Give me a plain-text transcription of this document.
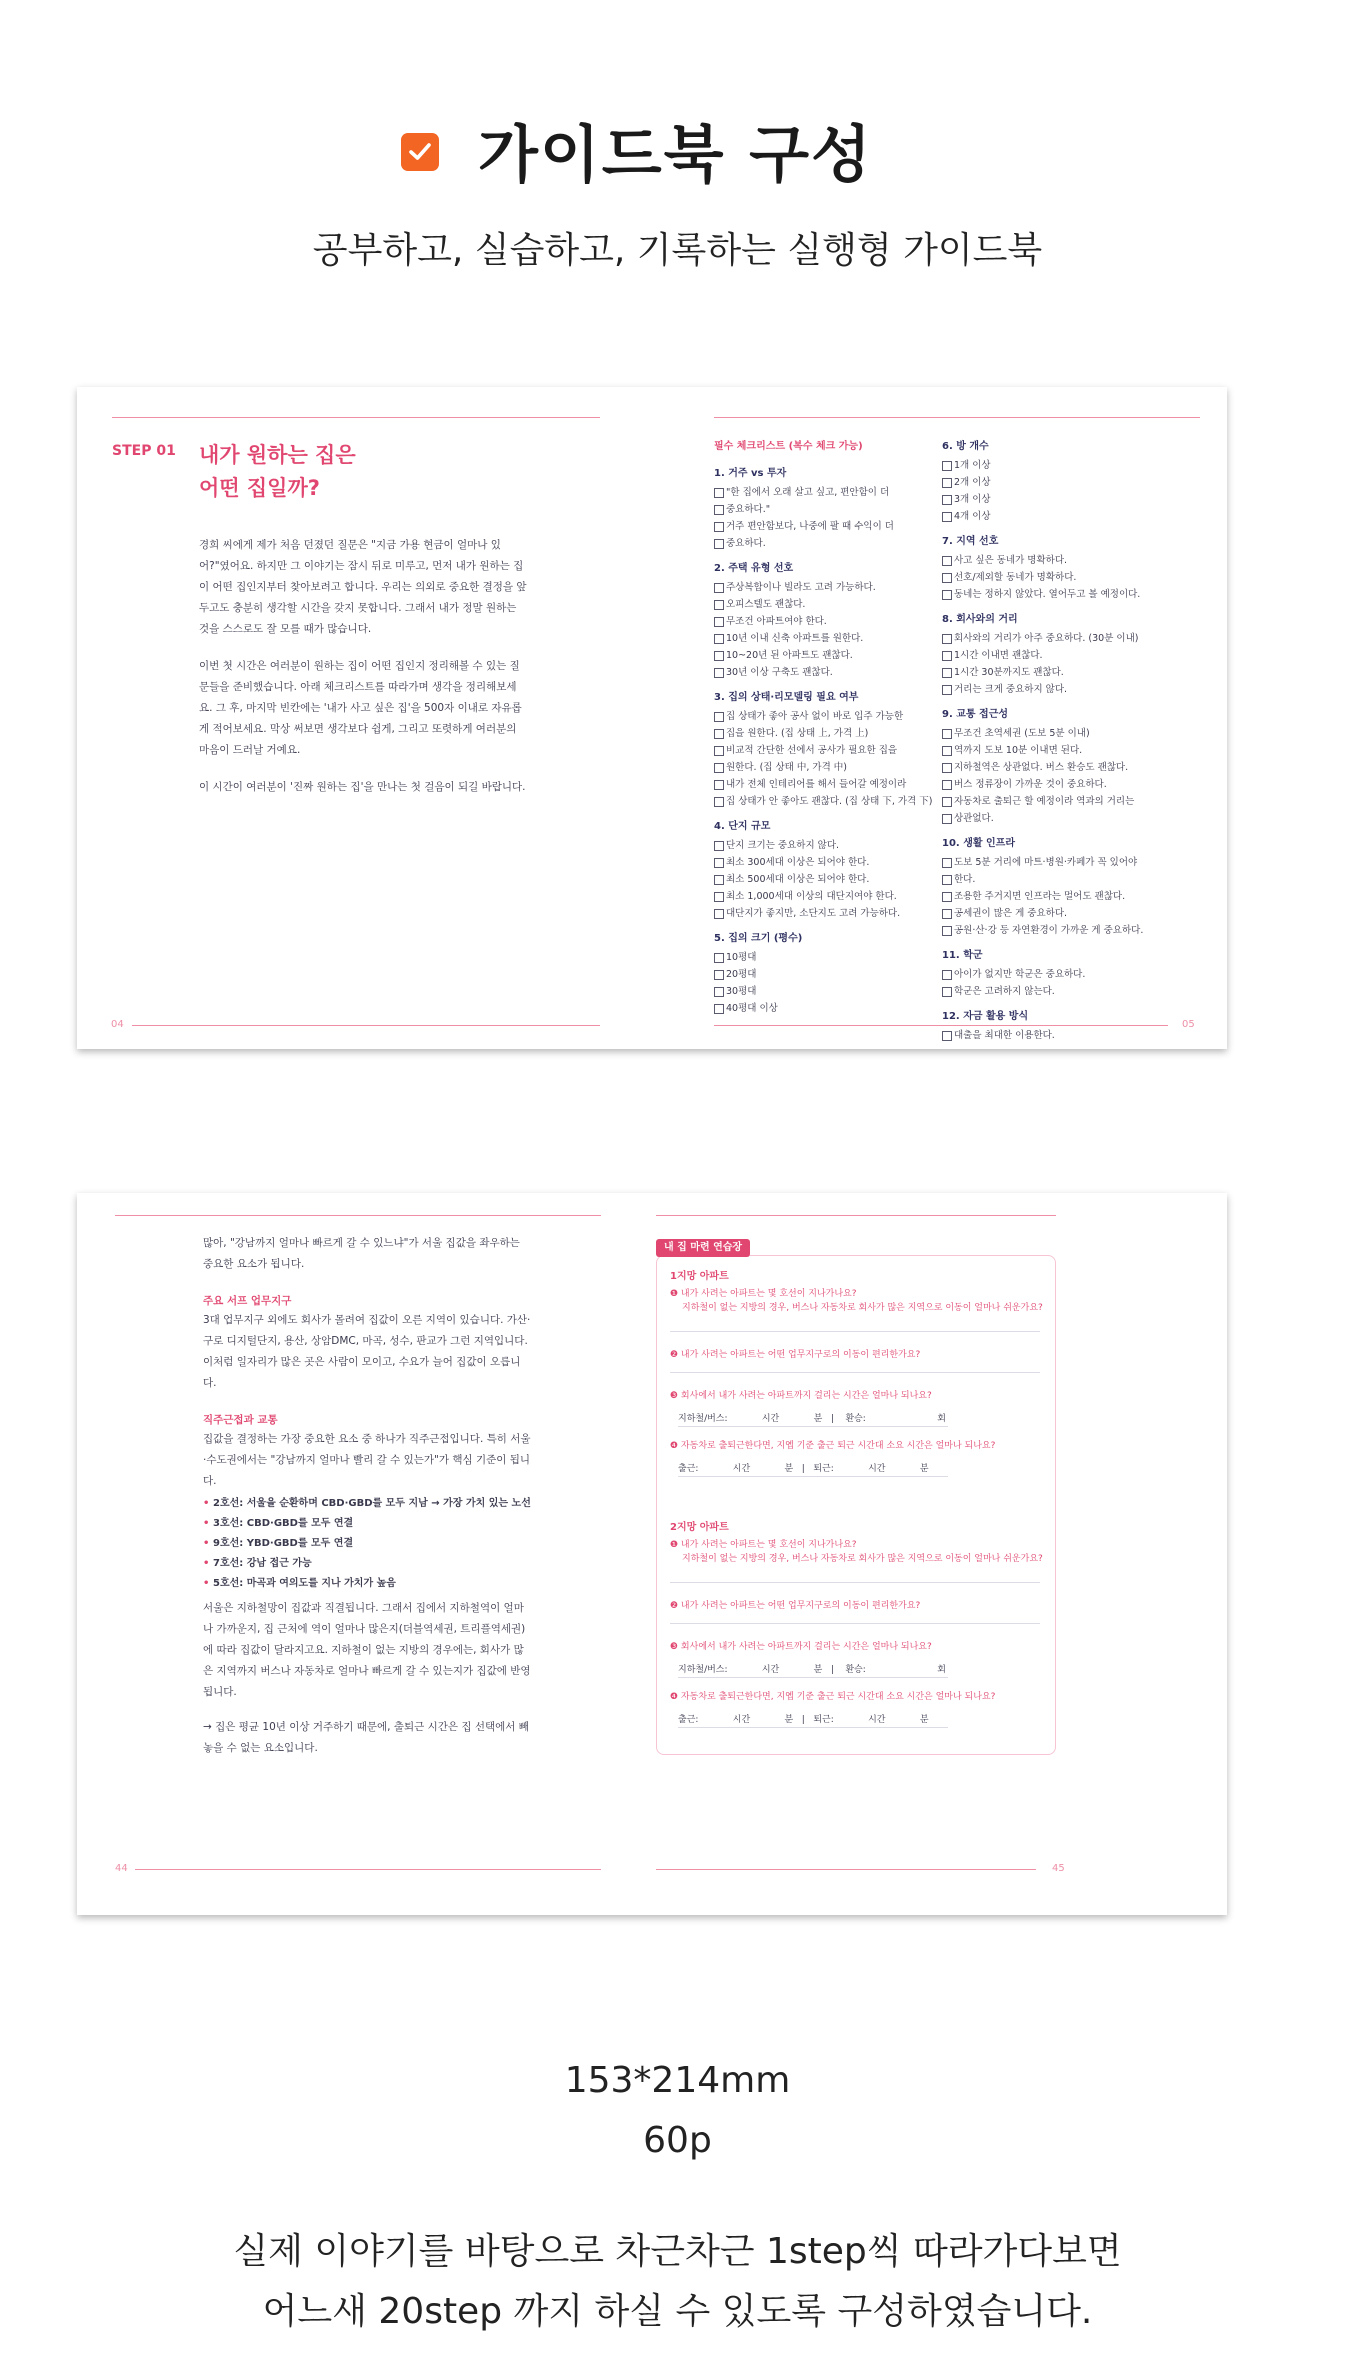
가이드북 구성
공부하고, 실습하고, 기록하는 실행형 가이드북
STEP 01 내가 원하는 집은
어떤 집일까?

경희 씨에게 제가 처음 던졌던 질문은 "지금 가용 현금이 얼마나 있어?"였어요. 하지만 그 이야기는 잠시 뒤로 미루고, 먼저 내가 원하는 집이 어떤 집인지부터 찾아보려고 합니다. 우리는 의외로 중요한 결정을 앞두고도 충분히 생각할 시간을 갖지 못합니다. 그래서 내가 정말 원하는 것을 스스로도 잘 모를 때가 많습니다.

이번 첫 시간은 여러분이 원하는 집이 어떤 집인지 정리해볼 수 있는 질문들을 준비했습니다. 아래 체크리스트를 따라가며 생각을 정리해보세요. 그 후, 마지막 빈칸에는 '내가 사고 싶은 집'을 500자 이내로 자유롭게 적어보세요. 막상 써보면 생각보다 쉽게, 그리고 또렷하게 여러분의 마음이 드러날 거예요.

이 시간이 여러분이 '진짜 원하는 집'을 만나는 첫 걸음이 되길 바랍니다.

04
필수 체크리스트 (복수 체크 가능)
1. 거주 vs 투자
"한 집에서 오래 살고 싶고, 편안함이 더
중요하다."
거주 편안함보다, 나중에 팔 때 수익이 더
중요하다.
2. 주택 유형 선호
주상복합이나 빌라도 고려 가능하다.
오피스텔도 괜찮다.
무조건 아파트여야 한다.
10년 이내 신축 아파트를 원한다.
10~20년 된 아파트도 괜찮다.
30년 이상 구축도 괜찮다.
3. 집의 상태·리모델링 필요 여부
집 상태가 좋아 공사 없이 바로 입주 가능한
집을 원한다. (집 상태 上, 가격 上)
비교적 간단한 선에서 공사가 필요한 집을
원한다. (집 상태 中, 가격 中)
내가 전체 인테리어를 해서 들어갈 예정이라
집 상태가 안 좋아도 괜찮다. (집 상태 下, 가격 下)
4. 단지 규모
단지 크기는 중요하지 않다.
최소 300세대 이상은 되어야 한다.
최소 500세대 이상은 되어야 한다.
최소 1,000세대 이상의 대단지여야 한다.
대단지가 좋지만, 소단지도 고려 가능하다.
5. 집의 크기 (평수)
10평대
20평대
30평대
40평대 이상
6. 방 개수
1개 이상
2개 이상
3개 이상
4개 이상
7. 지역 선호
사고 싶은 동네가 명확하다.
선호/제외할 동네가 명확하다.
동네는 정하지 않았다. 열어두고 볼 예정이다.
8. 회사와의 거리
회사와의 거리가 아주 중요하다. (30분 이내)
1시간 이내면 괜찮다.
1시간 30분까지도 괜찮다.
거리는 크게 중요하지 않다.
9. 교통 접근성
무조건 초역세권 (도보 5분 이내)
역까지 도보 10분 이내면 된다.
지하철역은 상관없다. 버스 환승도 괜찮다.
버스 정류장이 가까운 것이 중요하다.
자동차로 출퇴근 할 예정이라 역과의 거리는
상관없다.
10. 생활 인프라
도보 5분 거리에 마트·병원·카페가 꼭 있어야
한다.
조용한 주거지면 인프라는 멀어도 괜찮다.
공세권이 많은 게 중요하다.
공원·산·강 등 자연환경이 가까운 게 중요하다.
11. 학군
아이가 없지만 학군은 중요하다.
학군은 고려하지 않는다.
12. 자금 활용 방식
대출을 최대한 이용한다.
05
많아, "강남까지 얼마나 빠르게 갈 수 있느냐"가 서울 집값을 좌우하는 중요한 요소가 됩니다.
주요 서프 업무지구
3대 업무지구 외에도 회사가 몰려여 집값이 오른 지역이 있습니다. 가산·구로 디지털단지, 용산, 상암DMC, 마곡, 성수, 판교가 그런 지역입니다. 이처럼 일자리가 많은 곳은 사람이 모이고, 수요가 늘어 집값이 오릅니다.
직주근접과 교통
집값을 결정하는 가장 중요한 요소 중 하나가 직주근접입니다. 특히 서울·수도권에서는 "강남까지 얼마나 빨리 갈 수 있는가"가 핵심 기준이 됩니다.
• 2호선: 서울을 순환하며 CBD·GBD를 모두 지남 → 가장 가치 있는 노선
• 3호선: CBD·GBD를 모두 연결
• 9호선: YBD·GBD를 모두 연결
• 7호선: 강남 접근 가능
• 5호선: 마곡과 여의도를 지나 가치가 높음
서울은 지하철망이 집값과 직결됩니다. 그래서 집에서 지하철역이 얼마나 가까운지, 집 근처에 역이 얼마나 많은지(더블역세권, 트리플역세권)에 따라 집값이 달라지고요. 지하철이 없는 지방의 경우에는, 회사가 많은 지역까지 버스나 자동차로 얼마나 빠르게 갈 수 있는지가 집값에 반영됩니다.
→ 집은 평균 10년 이상 거주하기 때문에, 출퇴근 시간은 집 선택에서 빼놓을 수 없는 요소입니다.
44
내 집 마련 연습장
1지망 아파트
❶ 내가 사려는 아파트는 몇 호선이 지나가나요?
지하철이 없는 지방의 경우, 버스나 자동차로 회사가 많은 지역으로 이동이 얼마나 쉬운가요?
❷ 내가 사려는 아파트는 어떤 업무지구로의 이동이 편리한가요?
❸ 회사에서 내가 사려는 아파트까지 걸리는 시간은 얼마나 되나요?
지하철/버스:            시간            분   |    환승:                         회
❹ 자동차로 출퇴근한다면, 지옙 기준 출근 퇴근 시간대 소요 시간은 얼마나 되나요?
출근:            시간            분   |   퇴근:            시간            분
2지망 아파트
❶ 내가 사려는 아파트는 몇 호선이 지나가나요?
지하철이 없는 지방의 경우, 버스나 자동차로 회사가 많은 지역으로 이동이 얼마나 쉬운가요?
❷ 내가 사려는 아파트는 어떤 업무지구로의 이동이 편리한가요?
❸ 회사에서 내가 사려는 아파트까지 걸리는 시간은 얼마나 되나요?
지하철/버스:            시간            분   |    환승:                         회
❹ 자동차로 출퇴근한다면, 지옙 기준 출근 퇴근 시간대 소요 시간은 얼마나 되나요?
출근:            시간            분   |   퇴근:            시간            분
45
153*214mm
60p
실제 이야기를 바탕으로 차근차근 1step씩 따라가다보면
어느새 20step 까지 하실 수 있도록 구성하였습니다.
